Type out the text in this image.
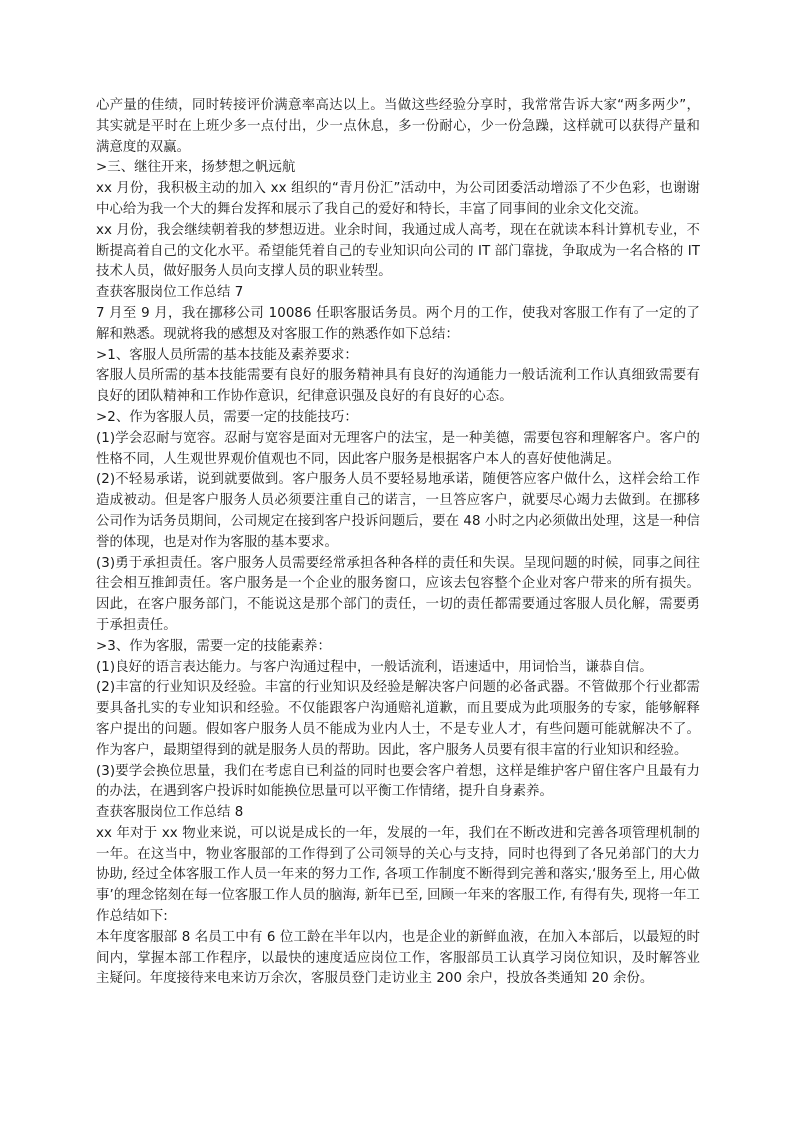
心产量的佳绩，同时转接评价满意率高达以上。当做这些经验分享时，我常常告诉大家“两多两少”，其实就是平时在上班少多一点付出，少一点休息，多一份耐心，少一份急躁，这样就可以获得产量和满意度的双赢。

>三、继往开来，扬梦想之帆远航

xx 月份，我积极主动的加入 xx 组织的“青月份汇”活动中，为公司团委活动增添了不少色彩，也谢谢中心给为我一个大的舞台发挥和展示了我自己的爱好和特长，丰富了同事间的业余文化交流。

xx 月份，我会继续朝着我的梦想迈进。业余时间，我通过成人高考，现在在就读本科计算机专业，不断提高着自己的文化水平。希望能凭着自己的专业知识向公司的 IT 部门靠拢，争取成为一名合格的 IT 技术人员，做好服务人员向支撑人员的职业转型。

查获客服岗位工作总结 7

7 月至 9 月，我在挪移公司 10086 任职客服话务员。两个月的工作，使我对客服工作有了一定的了解和熟悉。现就将我的感想及对客服工作的熟悉作如下总结：

>1、客服人员所需的基本技能及素养要求：

客服人员所需的基本技能需要有良好的服务精神具有良好的沟通能力一般话流利工作认真细致需要有良好的团队精神和工作协作意识，纪律意识强及良好的有良好的心态。

>2、作为客服人员，需要一定的技能技巧：

(1)学会忍耐与宽容。忍耐与宽容是面对无理客户的法宝，是一种美德，需要包容和理解客户。客户的性格不同，人生观世界观价值观也不同，因此客户服务是根据客户本人的喜好使他满足。

(2)不轻易承诺，说到就要做到。客户服务人员不要轻易地承诺，随便答应客户做什么，这样会给工作造成被动。但是客户服务人员必须要注重自己的诺言，一旦答应客户，就要尽心竭力去做到。在挪移公司作为话务员期间，公司规定在接到客户投诉问题后，要在 48 小时之内必须做出处理，这是一种信誉的体现，也是对作为客服的基本要求。

(3)勇于承担责任。客户服务人员需要经常承担各种各样的责任和失误。呈现问题的时候，同事之间往往会相互推卸责任。客户服务是一个企业的服务窗口，应该去包容整个企业对客户带来的所有损失。因此，在客户服务部门，不能说这是那个部门的责任，一切的责任都需要通过客服人员化解，需要勇于承担责任。

>3、作为客服，需要一定的技能素养：

(1)良好的语言表达能力。与客户沟通过程中，一般话流利，语速适中，用词恰当，谦恭自信。

(2)丰富的行业知识及经验。丰富的行业知识及经验是解决客户问题的必备武器。不管做那个行业都需要具备扎实的专业知识和经验。不仅能跟客户沟通赔礼道歉，而且要成为此项服务的专家，能够解释客户提出的问题。假如客户服务人员不能成为业内人士，不是专业人才，有些问题可能就解决不了。作为客户，最期望得到的就是服务人员的帮助。因此，客户服务人员要有很丰富的行业知识和经验。

(3)要学会换位思量，我们在考虑自已利益的同时也要会客户着想，这样是维护客户留住客户且最有力的办法，在遇到客户投诉时如能换位思量可以平衡工作情绪，提升自身素养。

查获客服岗位工作总结 8

xx 年对于 xx 物业来说，可以说是成长的一年，发展的一年，我们在不断改进和完善各项管理机制的一年。在这当中，物业客服部的工作得到了公司领导的关心与支持，同时也得到了各兄弟部门的大力协助, 经过全体客服工作人员一年来的努力工作, 各项工作制度不断得到完善和落实,‘服务至上, 用心做事’的理念铭刻在每一位客服工作人员的脑海, 新年已至, 回顾一年来的客服工作, 有得有失, 现将一年工作总结如下:

本年度客服部 8 名员工中有 6 位工龄在半年以内，也是企业的新鲜血液，在加入本部后，以最短的时间内，掌握本部工作程序，以最快的速度适应岗位工作，客服部员工认真学习岗位知识，及时解答业主疑问。年度接待来电来访万余次，客服员登门走访业主 200 余户，投放各类通知 20 余份。
